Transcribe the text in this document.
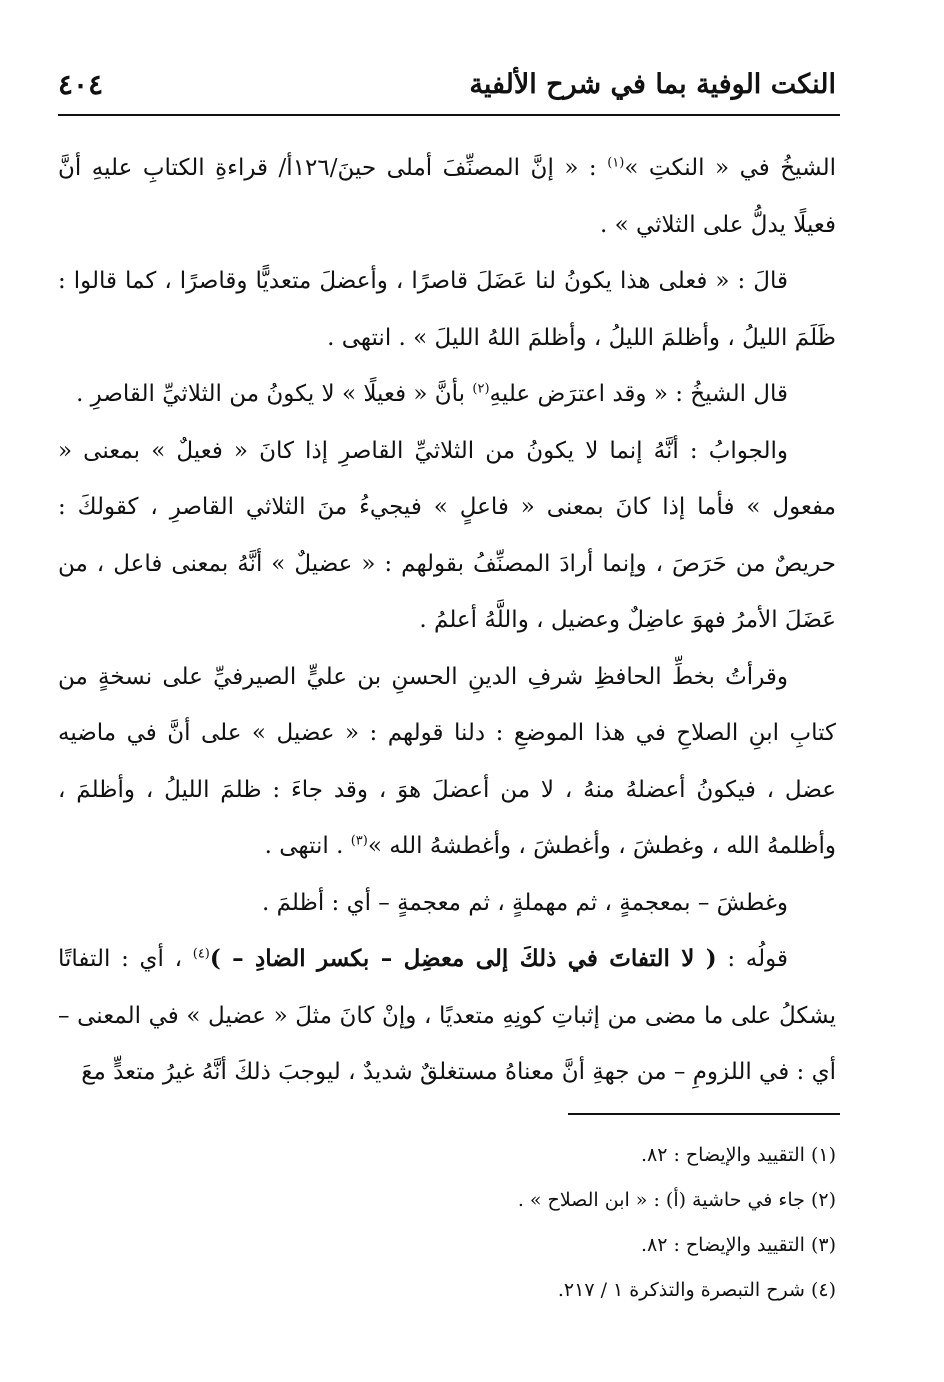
النكت الوفية بما في شرح الألفية
٤٠٤

الشيخُ في « النكتِ »$^{(١)}$ : « إنَّ المصنِّفَ أملى حينَ/١٢٦أ/ قراءةِ الكتابِ عليهِ أنَّ فعيلًا يدلُّ على الثلاثي » .

قالَ : « فعلى هذا يكونُ لنا عَضَلَ قاصرًا ، وأعضلَ متعديًّا وقاصرًا ، كما قالوا : ظَلَمَ الليلُ ، وأظلمَ الليلُ ، وأظلمَ اللهُ الليلَ » . انتهى .

قال الشيخُ : « وقد اعترَض عليهِ$^{(٢)}$ بأنَّ « فعيلًا » لا يكونُ من الثلاثيِّ القاصرِ .

والجوابُ : أنَّهُ إنما لا يكونُ من الثلاثيِّ القاصرِ إذا كانَ « فعيلٌ » بمعنى « مفعول » فأما إذا كانَ بمعنى « فاعلٍ » فيجيءُ منَ الثلاثي القاصرِ ، كقولكَ : حريصٌ من حَرَصَ ، وإنما أرادَ المصنِّفُ بقولهم : « عضيلٌ » أنَّهُ بمعنى فاعل ، من عَضَلَ الأمرُ فهوَ عاضِلٌ وعضيل ، واللَّهُ أعلمُ .

وقرأتُ بخطِّ الحافظِ شرفِ الدينِ الحسنِ بن عليٍّ الصيرفيِّ على نسخةٍ من كتابِ ابنِ الصلاحِ في هذا الموضعِ : دلنا قولهم : « عضيل » على أنَّ في ماضيه عضل ، فيكونُ أعضلهُ منهُ ، لا من أعضلَ هوَ ، وقد جاءَ : ظلمَ الليلُ ، وأظلمَ ، وأظلمهُ الله ، وغطشَ ، وأغطشَ ، وأغطشهُ الله »$^{(٣)}$ . انتهى .

وغطشَ – بمعجمةٍ ، ثم مهملةٍ ، ثم معجمةٍ – أي : أظلمَ .

قولُه : ( لا التفاتَ في ذلكَ إلى معضِل – بكسر الضادِ – )$^{(٤)}$ ، أي : التفاتًا يشكلُ على ما مضى من إثباتِ كونِهِ متعديًا ، وإنْ كانَ مثلَ « عضيل » في المعنى – أي : في اللزومِ – من جهةِ أنَّ معناهُ مستغلقٌ شديدٌ ، ليوجبَ ذلكَ أنَّهُ غيرُ متعدٍّ معَ

(١) التقييد والإيضاح : ٨٢.

(٢) جاء في حاشية (أ) : « ابن الصلاح » .

(٣) التقييد والإيضاح : ٨٢.

(٤) شرح التبصرة والتذكرة ١ / ٢١٧.
